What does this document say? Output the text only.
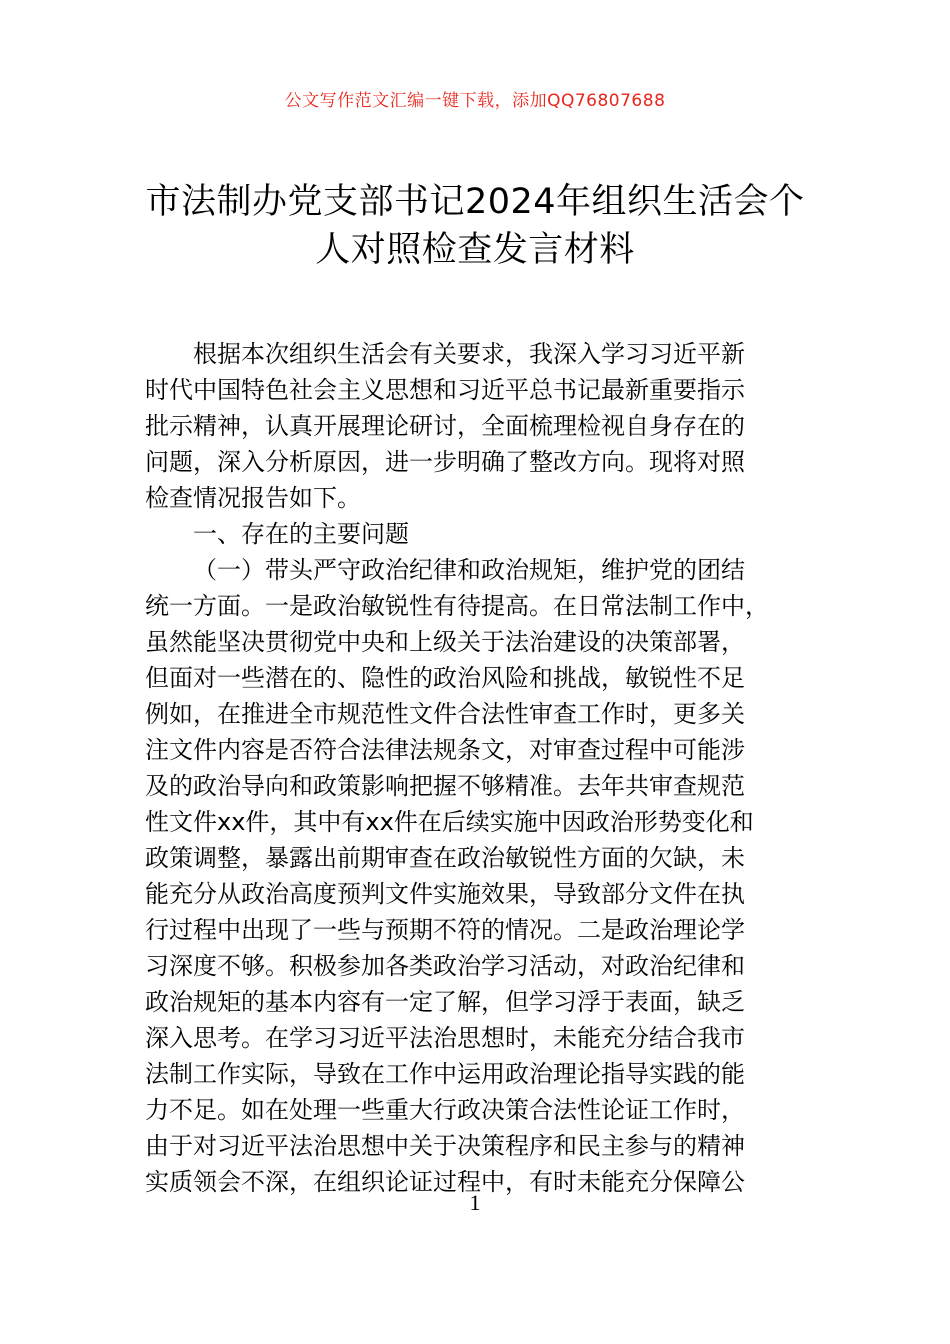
公文写作范文汇编一键下载，添加QQ76807688
市法制办党支部书记2024年组织生活会个
人对照检查发言材料
根据本次组织生活会有关要求，我深入学习习近平新
时代中国特色社会主义思想和习近平总书记最新重要指示
批示精神，认真开展理论研讨，全面梳理检视自身存在的
问题，深入分析原因，进一步明确了整改方向。现将对照
检查情况报告如下。
一、存在的主要问题
（一）带头严守政治纪律和政治规矩，维护党的团结
统一方面。一是政治敏锐性有待提高。在日常法制工作中，
虽然能坚决贯彻党中央和上级关于法治建设的决策部署，
但面对一些潜在的、隐性的政治风险和挑战，敏锐性不足
例如，在推进全市规范性文件合法性审查工作时，更多关
注文件内容是否符合法律法规条文，对审查过程中可能涉
及的政治导向和政策影响把握不够精准。去年共审查规范
性文件xx件，其中有xx件在后续实施中因政治形势变化和
政策调整，暴露出前期审查在政治敏锐性方面的欠缺，未
能充分从政治高度预判文件实施效果，导致部分文件在执
行过程中出现了一些与预期不符的情况。二是政治理论学
习深度不够。积极参加各类政治学习活动，对政治纪律和
政治规矩的基本内容有一定了解，但学习浮于表面，缺乏
深入思考。在学习习近平法治思想时，未能充分结合我市
法制工作实际，导致在工作中运用政治理论指导实践的能
力不足。如在处理一些重大行政决策合法性论证工作时，
由于对习近平法治思想中关于决策程序和民主参与的精神
实质领会不深，在组织论证过程中，有时未能充分保障公
1
